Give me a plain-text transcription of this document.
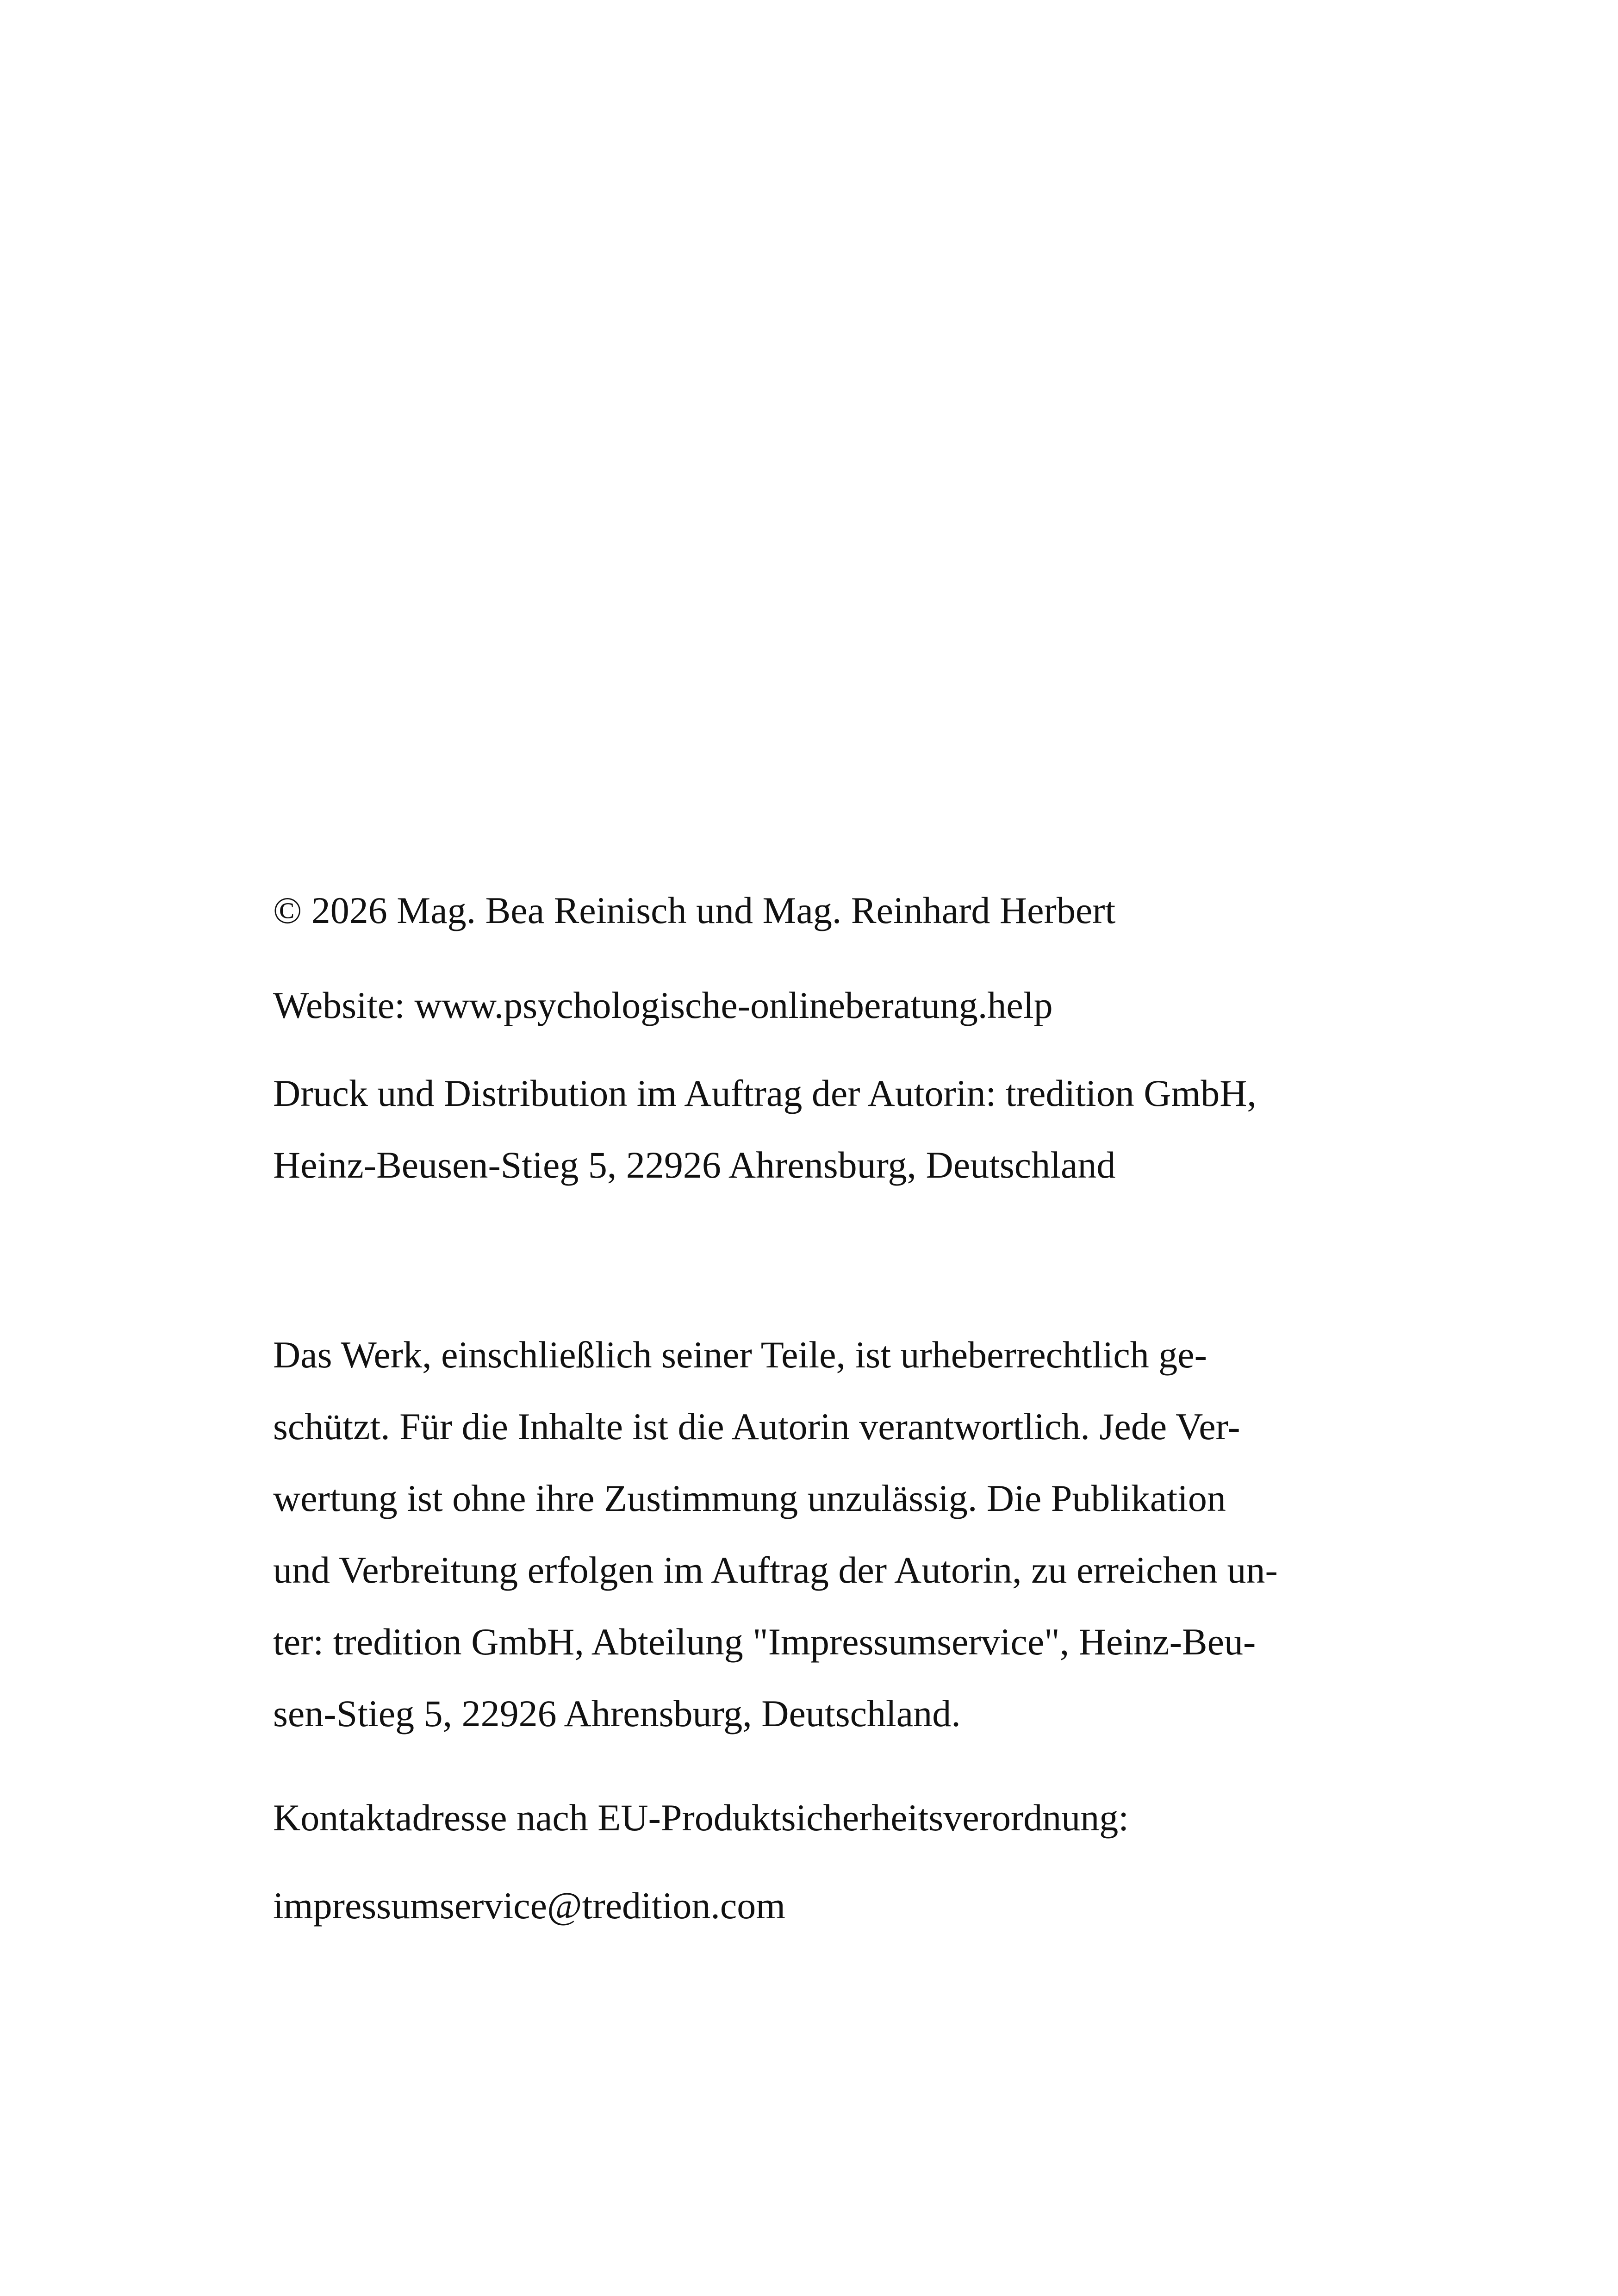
© 2026 Mag. Bea Reinisch und Mag. Reinhard Herbert
Website: www.psychologische-onlineberatung.help
Druck und Distribution im Auftrag der Autorin: tredition GmbH,
Heinz-Beusen-Stieg 5, 22926 Ahrensburg, Deutschland
Das Werk, einschließlich seiner Teile, ist urheberrechtlich ge-
schützt. Für die Inhalte ist die Autorin verantwortlich. Jede Ver-
wertung ist ohne ihre Zustimmung unzulässig. Die Publikation
und Verbreitung erfolgen im Auftrag der Autorin, zu erreichen un-
ter: tredition GmbH, Abteilung "Impressumservice", Heinz-Beu-
sen-Stieg 5, 22926 Ahrensburg, Deutschland.
Kontaktadresse nach EU-Produktsicherheitsverordnung:
impressumservice@tredition.com
